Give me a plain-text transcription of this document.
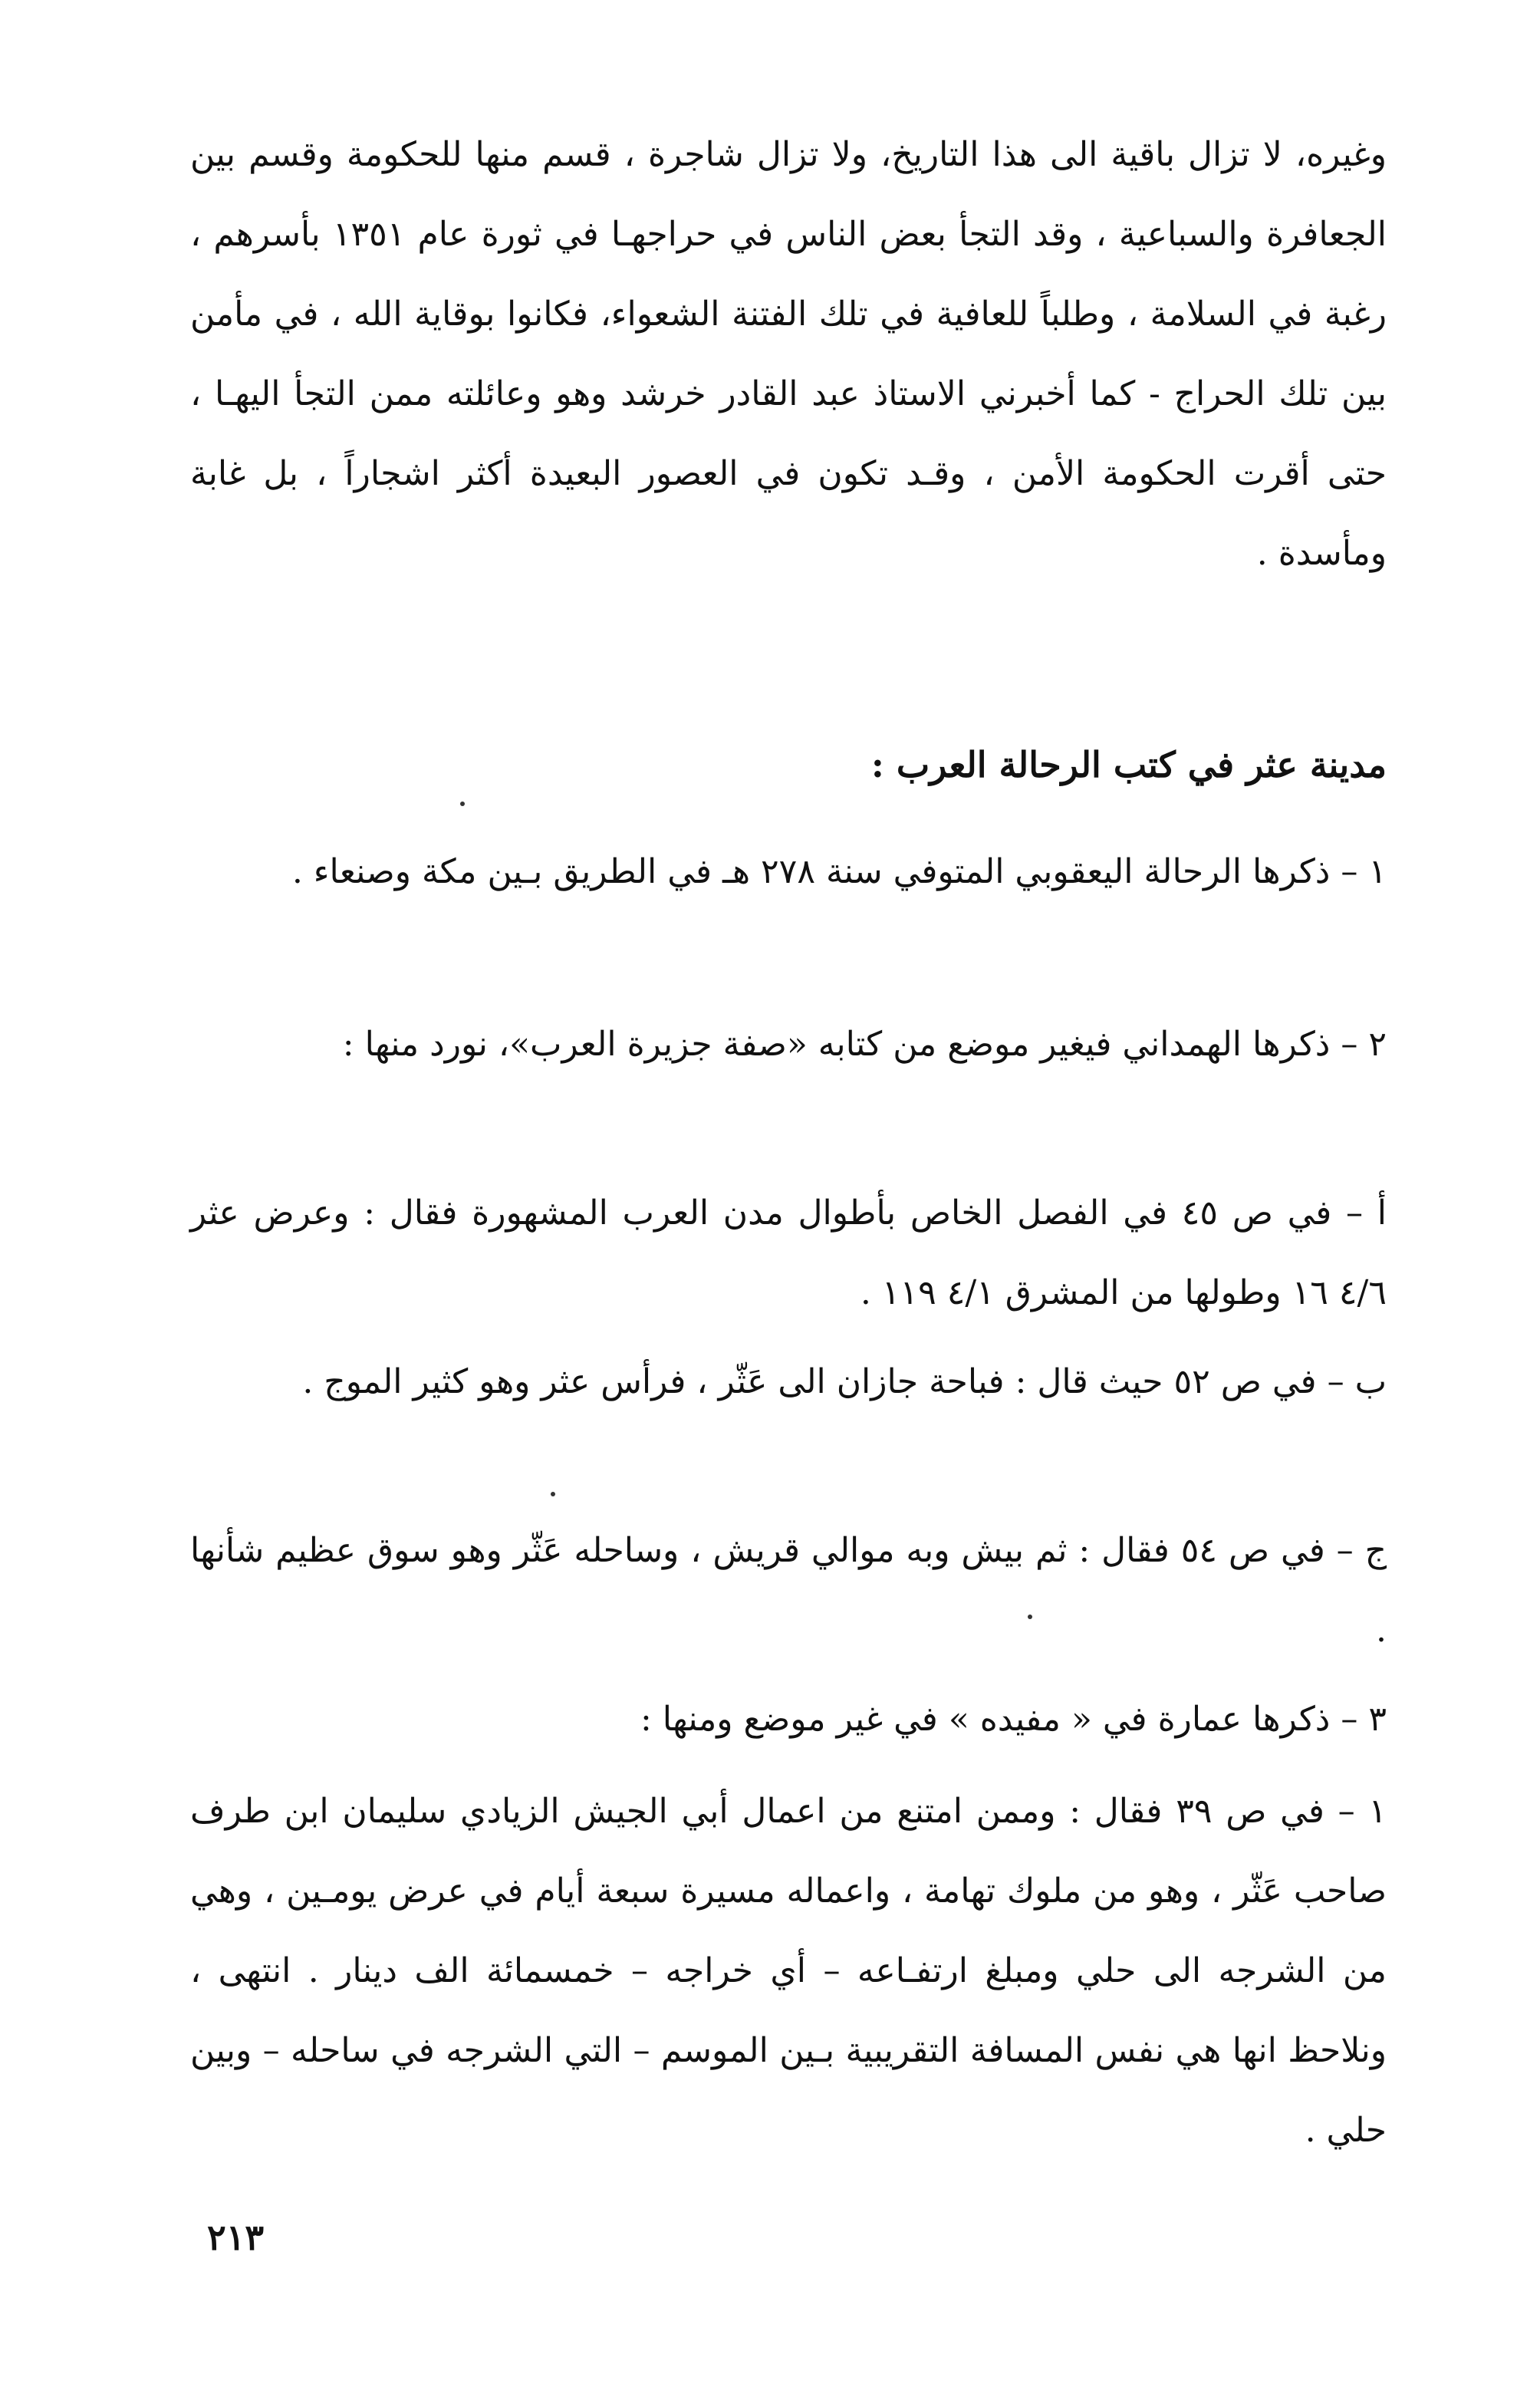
وغيره، لا تزال باقية الى هذا التاريخ، ولا تزال شاجرة ، قسم منها للحكومة وقسم بين الجعافرة والسباعية ، وقد التجأ بعض الناس في حراجهـا في ثورة عام ١٣٥١ بأسرهم ، رغبة في السلامة ، وطلباً للعافية في تلك الفتنة الشعواء، فكانوا بوقاية الله ، في مأمن بين تلك الحراج - كما أخبرني الاستاذ عبد القادر خرشد وهو وعائلته ممن التجأ اليهـا ، حتى أقرت الحكومة الأمن ، وقـد تكون في العصور البعيدة أكثر اشجاراً ، بل غابة ومأسدة .

مدينة عثر في كتب الرحالة العرب :

١ – ذكرها الرحالة اليعقوبي المتوفي سنة ٢٧٨ هـ في الطريق بـين مكة وصنعاء .

٢ – ذكرها الهمداني فيغير موضع من كتابه «صفة جزيرة العرب»، نورد منها :

أ – في ص ٤٥ في الفصل الخاص بأطوال مدن العرب المشهورة فقال : وعرض عثر ٤/٦ ١٦ وطولها من المشرق ٤/١ ١١٩ .

ب – في ص ٥٢ حيث قال : فباحة جازان الى عَثّر ، فرأس عثر وهو كثير الموج .

ج – في ص ٥٤ فقال : ثم بيش وبه موالي قريش ، وساحله عَثّر وهو سوق عظيم شأنها .

٣ – ذكرها عمارة في « مفيده » في غير موضع ومنها :

١ – في ص ٣٩ فقال : وممن امتنع من اعمال أبي الجيش الزيادي سليمان ابن طرف صاحب عَثّر ، وهو من ملوك تهامة ، واعماله مسيرة سبعة أيام في عرض يومـين ، وهي من الشرجه الى حلي ومبلغ ارتفـاعه – أي خراجه – خمسمائة الف دينار . انتهى ، ونلاحظ انها هي نفس المسافة التقريبية بـين الموسم – التي الشرجه في ساحله – وبين حلي .

٢١٣
